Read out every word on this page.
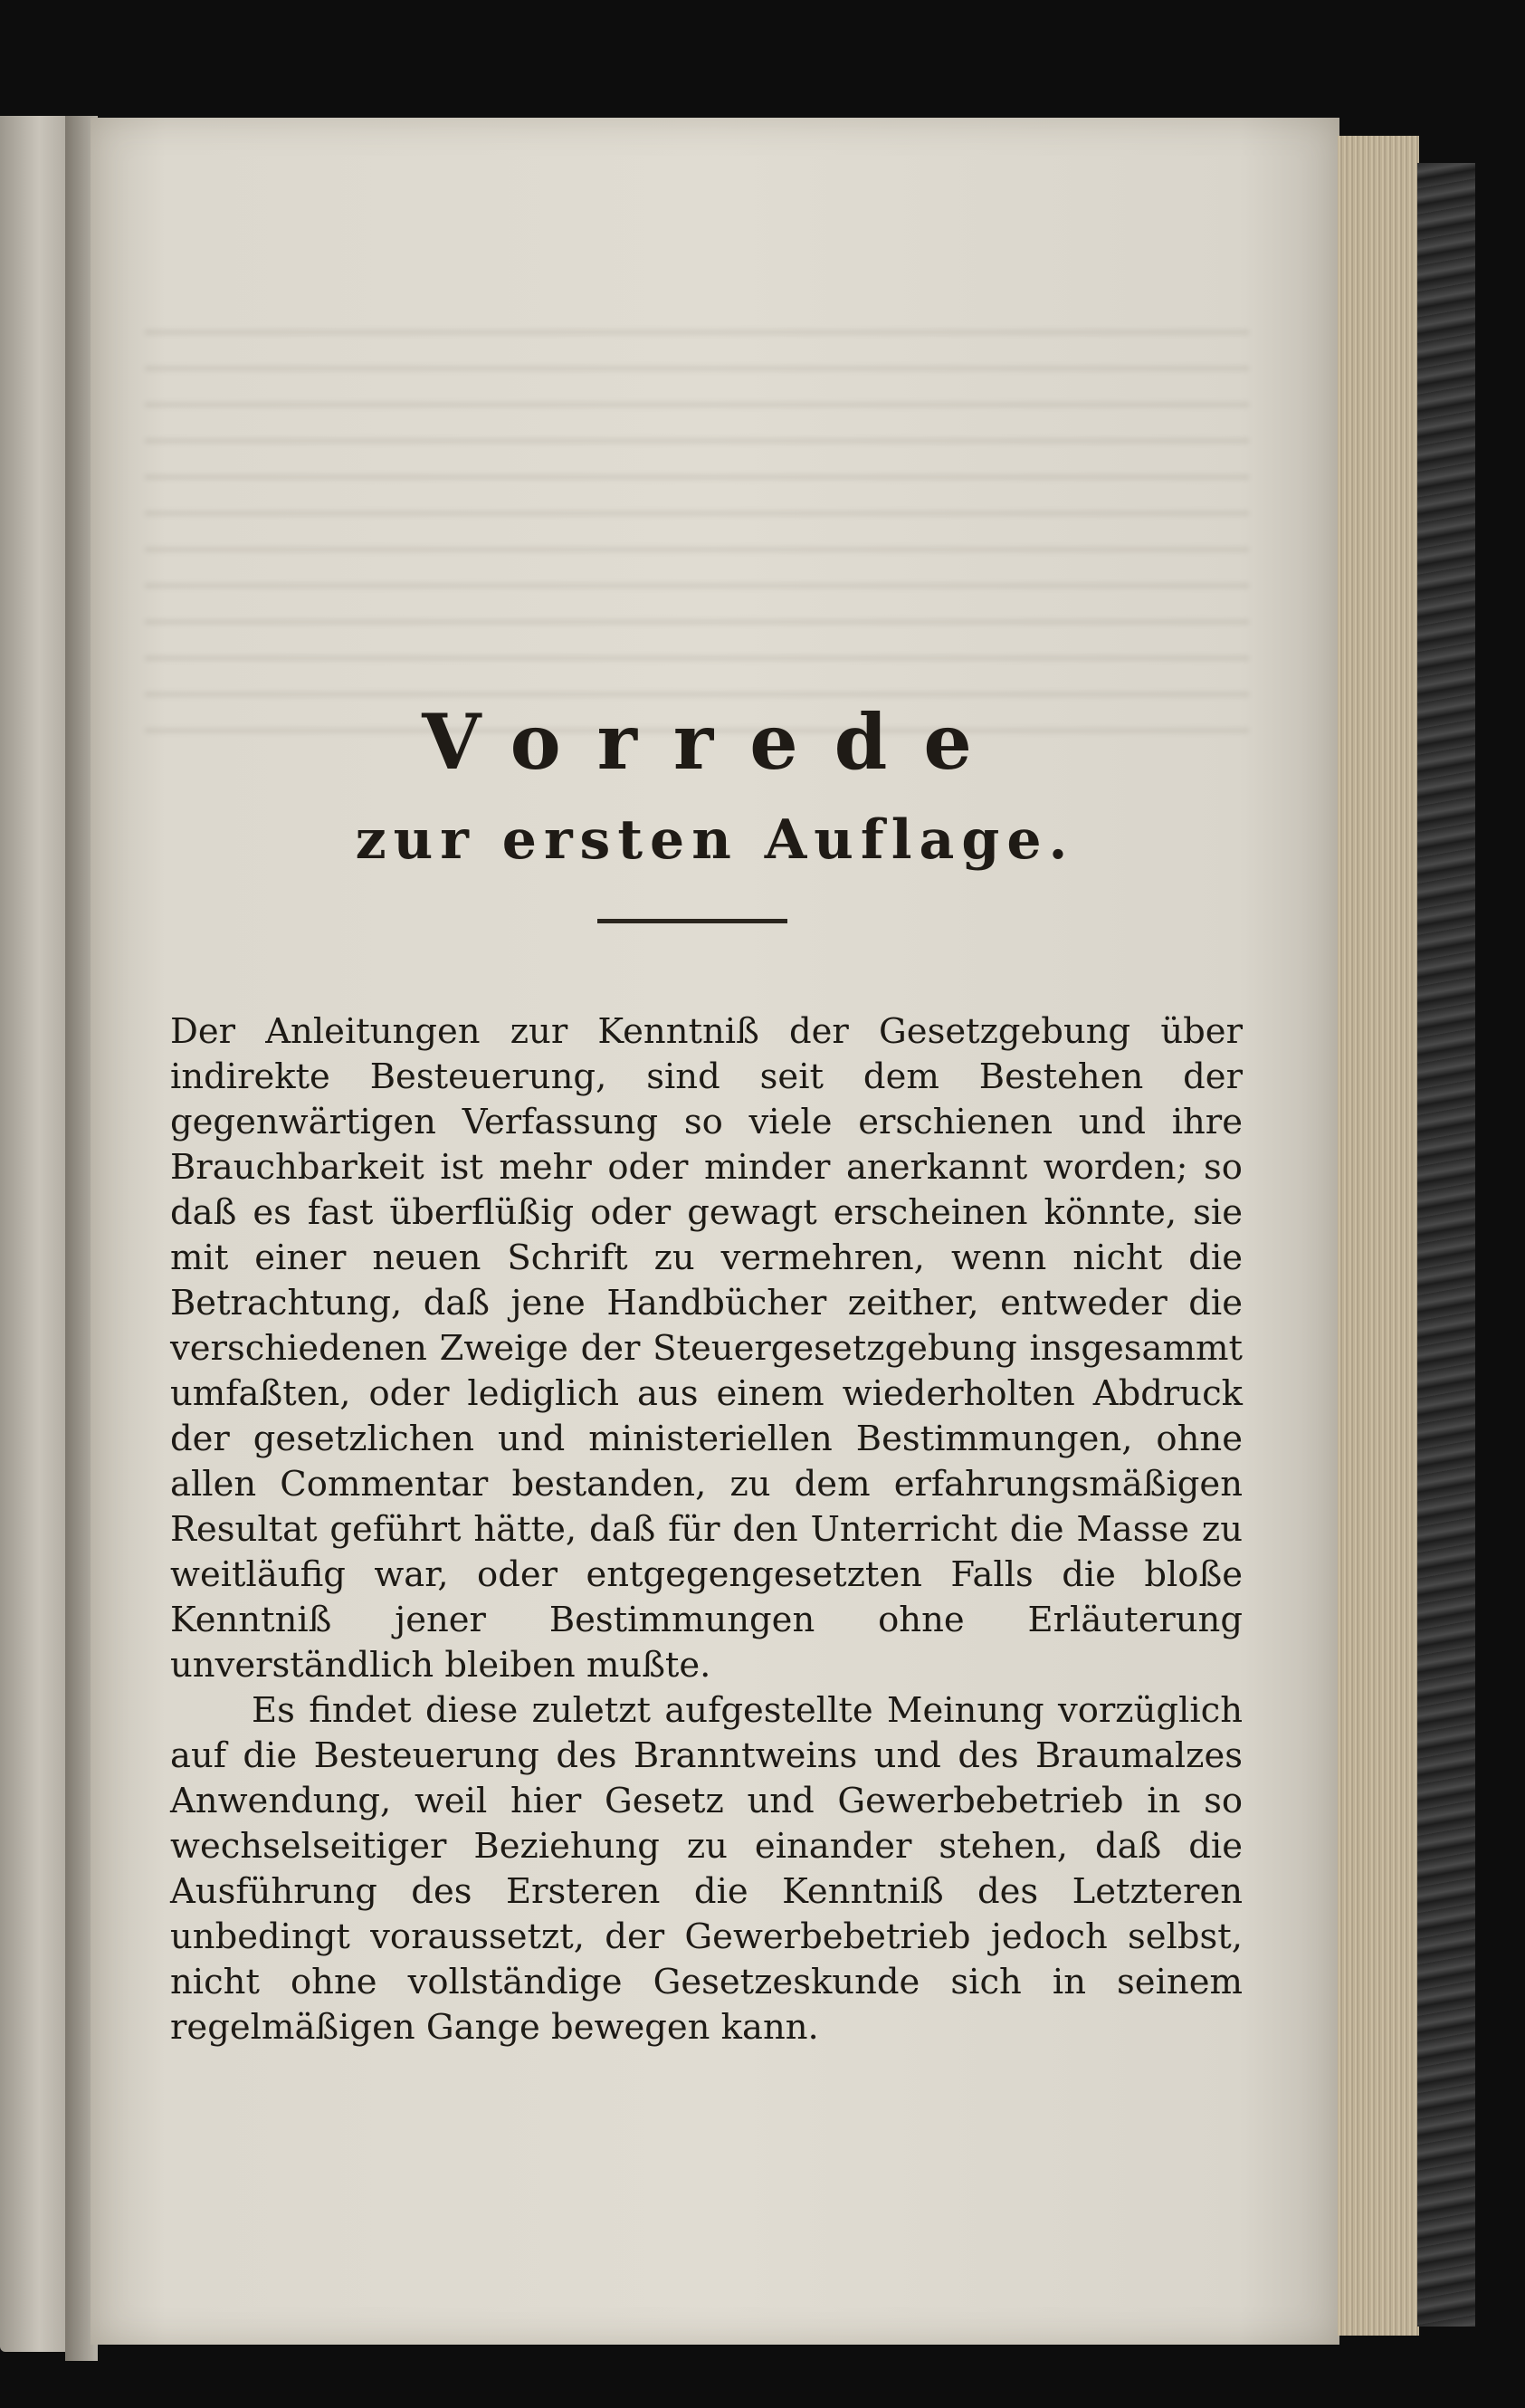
Vorrede
zur ersten Auflage.

Der Anleitungen zur Kenntniß der Gesetzgebung über indirekte Besteuerung, sind seit dem Bestehen der gegenwärtigen Verfassung so viele erschienen und ihre Brauchbarkeit ist mehr oder minder anerkannt worden; so daß es fast überflüßig oder gewagt erscheinen könnte, sie mit einer neuen Schrift zu vermehren, wenn nicht die Betrachtung, daß jene Handbücher zeither, entweder die verschiedenen Zweige der Steuergesetzgebung insgesammt umfaßten, oder lediglich aus einem wiederholten Abdruck der gesetzlichen und ministeriellen Bestimmungen, ohne allen Commentar bestanden, zu dem erfahrungsmäßigen Resultat geführt hätte, daß für den Unterricht die Masse zu weitläufig war, oder entgegengesetzten Falls die bloße Kenntniß jener Bestimmungen ohne Erläuterung unverständlich bleiben mußte.

Es findet diese zuletzt aufgestellte Meinung vorzüglich auf die Besteuerung des Branntweins und des Braumalzes Anwendung, weil hier Gesetz und Gewerbebetrieb in so wechselseitiger Beziehung zu einander stehen, daß die Ausführung des Ersteren die Kenntniß des Letzteren unbedingt voraussetzt, der Gewerbebetrieb jedoch selbst, nicht ohne vollständige Gesetzeskunde sich in seinem regelmäßigen Gange bewegen kann.
